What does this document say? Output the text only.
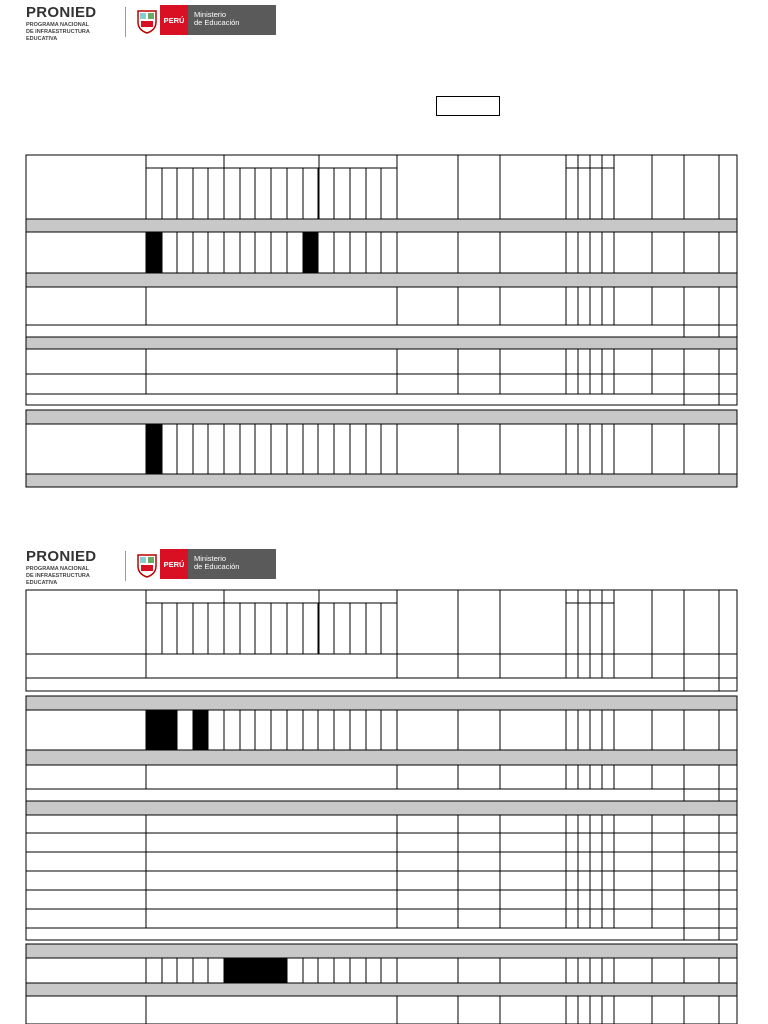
PRONIED
PROGRAMA NACIONAL
DE INFRAESTRUCTURA EDUCATIVA
PERÚ
Ministerio
de Educación
PRONIED
PROGRAMA NACIONAL
DE INFRAESTRUCTURA EDUCATIVA
PERÚ
Ministerio
de Educación
